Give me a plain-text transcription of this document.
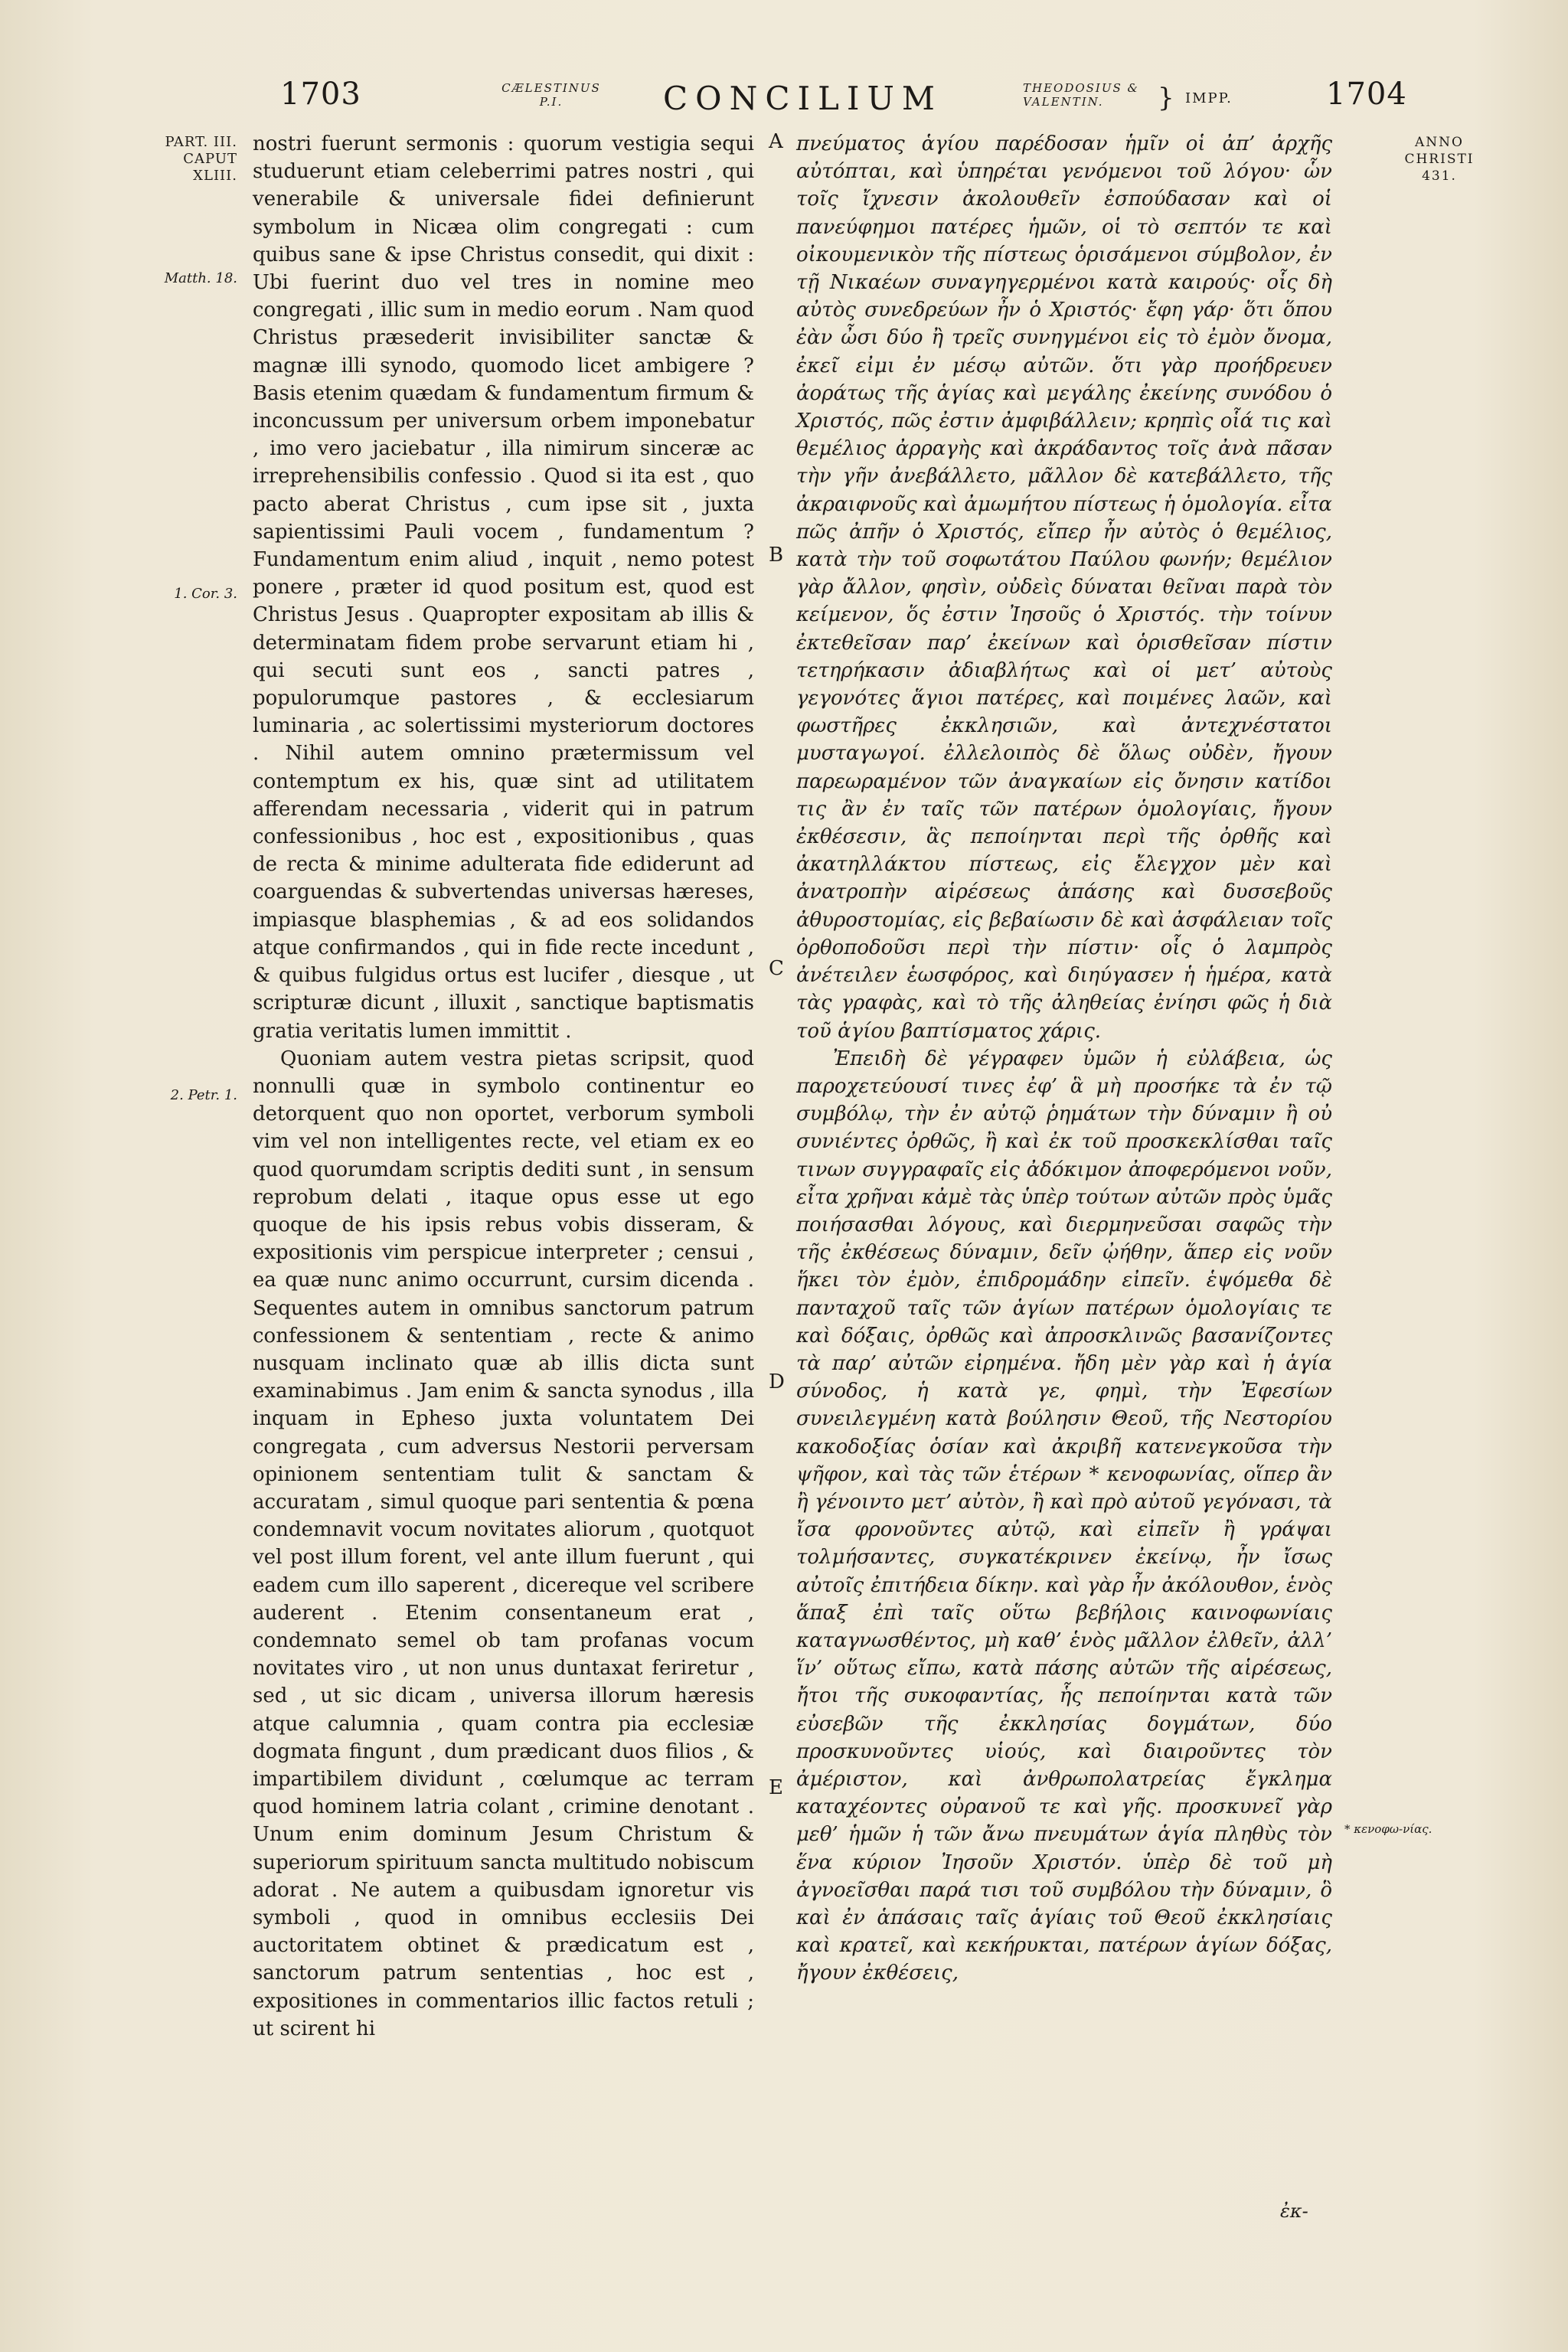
1703	CÆLESTINUS P.I.	CONCILIUM	THEODOSIUS & VALENTIN.	} IMPP.	1704
PART. III.
CAPUT
XLIII.
Matth. 18.
1. Cor. 3.
2. Petr. 1.

nostri fuerunt sermonis : quorum vestigia sequi studuerunt etiam celeberrimi patres nostri , qui venerabile & universale fidei definierunt symbolum in Nicæa olim congregati : cum quibus sane & ipse Christus consedit, qui dixit : Ubi fuerint duo vel tres in nomine meo congregati , illic sum in medio eorum . Nam quod Christus præsederit invisibiliter sanctæ & magnæ illi synodo, quomodo licet ambigere ? Basis etenim quædam & fundamentum firmum & inconcussum per universum orbem imponebatur , imo vero jaciebatur , illa nimirum sinceræ ac irreprehensibilis confessio . Quod si ita est , quo pacto aberat Christus , cum ipse sit , juxta sapientissimi Pauli vocem , fundamentum ? Fundamentum enim aliud , inquit , nemo potest ponere , præter id quod positum est, quod est Christus Jesus . Quapropter expositam ab illis & determinatam fidem probe servarunt etiam hi , qui secuti sunt eos , sancti patres , populorumque pastores , & ecclesiarum luminaria , ac solertissimi mysteriorum doctores . Nihil autem omnino prætermissum vel contemptum ex his, quæ sint ad utilitatem afferendam necessaria , viderit qui in patrum confessionibus , hoc est , expositionibus , quas de recta & minime adulterata fide ediderunt ad coarguendas & subvertendas universas hæreses, impiasque blasphemias , & ad eos solidandos atque confirmandos , qui in fide recte incedunt , & quibus fulgidus ortus est lucifer , diesque , ut scripturæ dicunt , illuxit , sanctique baptismatis gratia veritatis lumen immittit .

Quoniam autem vestra pietas scripsit, quod nonnulli quæ in symbolo continentur eo detorquent quo non oportet, verborum symboli vim vel non intelligentes recte, vel etiam ex eo quod quorumdam scriptis dediti sunt , in sensum reprobum delati , itaque opus esse ut ego quoque de his ipsis rebus vobis disseram, & expositionis vim perspicue interpreter ; censui , ea quæ nunc animo occurrunt, cursim dicenda . Sequentes autem in omnibus sanctorum patrum confessionem & sententiam , recte & animo nusquam inclinato quæ ab illis dicta sunt examinabimus . Jam enim & sancta synodus , illa inquam in Epheso juxta voluntatem Dei congregata , cum adversus Nestorii perversam opinionem sententiam tulit & sanctam & accuratam , simul quoque pari sententia & pœna condemnavit vocum novitates aliorum , quotquot vel post illum forent, vel ante illum fuerunt , qui eadem cum illo saperent , dicereque vel scribere auderent . Etenim consentaneum erat , condemnato semel ob tam profanas vocum novitates viro , ut non unus duntaxat feriretur , sed , ut sic dicam , universa illorum hæresis atque calumnia , quam contra pia ecclesiæ dogmata fingunt , dum prædicant duos filios , & impartibilem dividunt , cœlumque ac terram quod hominem latria colant , crimine denotant . Unum enim dominum Jesum Christum & superiorum spirituum sancta multitudo nobiscum adorat . Ne autem a quibusdam ignoretur vis symboli , quod in omnibus ecclesiis Dei auctoritatem obtinet & prædicatum est , sanctorum patrum sententias , hoc est , expositiones in commentarios illic factos retuli ; ut scirent hi

A
B
C
D
E

πνεύματος ἁγίου παρέδοσαν ἡμῖν οἱ ἀπ’ ἀρχῆς αὐτόπται, καὶ ὑπηρέται γενόμενοι τοῦ λόγου· ὧν τοῖς ἴχνεσιν ἀκολουθεῖν ἐσπούδασαν καὶ οἱ πανεύφημοι πατέρες ἡμῶν, οἱ τὸ σεπτόν τε καὶ οἰκουμενικὸν τῆς πίστεως ὁρισάμενοι σύμβολον, ἐν τῇ Νικαέων συναγηγερμένοι κατὰ καιρούς· οἷς δὴ αὐτὸς συνεδρεύων ἦν ὁ Χριστός· ἔφη γάρ· ὅτι ὅπου ἐὰν ὦσι δύο ἢ τρεῖς συνηγμένοι εἰς τὸ ἐμὸν ὄνομα, ἐκεῖ εἰμι ἐν μέσῳ αὐτῶν. ὅτι γὰρ προήδρευεν ἀοράτως τῆς ἁγίας καὶ μεγάλης ἐκείνης συνόδου ὁ Χριστός, πῶς ἐστιν ἀμφιβάλλειν; κρηπὶς οἷά τις καὶ θεμέλιος ἀρραγὴς καὶ ἀκράδαντος τοῖς ἀνὰ πᾶσαν τὴν γῆν ἀνεβάλλετο, μᾶλλον δὲ κατεβάλλετο, τῆς ἀκραιφνοῦς καὶ ἀμωμήτου πίστεως ἡ ὁμολογία. εἶτα πῶς ἀπῆν ὁ Χριστός, εἴπερ ἦν αὐτὸς ὁ θεμέλιος, κατὰ τὴν τοῦ σοφωτάτου Παύλου φωνήν; θεμέλιον γὰρ ἄλλον, φησὶν, οὐδεὶς δύναται θεῖναι παρὰ τὸν κείμενον, ὅς ἐστιν Ἰησοῦς ὁ Χριστός. τὴν τοίνυν ἐκτεθεῖσαν παρ’ ἐκείνων καὶ ὁρισθεῖσαν πίστιν τετηρήκασιν ἀδιαβλήτως καὶ οἱ μετ’ αὐτοὺς γεγονότες ἅγιοι πατέρες, καὶ ποιμένες λαῶν, καὶ φωστῆρες ἐκκλησιῶν, καὶ ἀντεχνέστατοι μυσταγωγοί. ἐλλελοιπὸς δὲ ὅλως οὐδὲν, ἤγουν παρεωραμένον τῶν ἀναγκαίων εἰς ὄνησιν κατίδοι τις ἂν ἐν ταῖς τῶν πατέρων ὁμολογίαις, ἤγουν ἐκθέσεσιν, ἃς πεποίηνται περὶ τῆς ὀρθῆς καὶ ἀκατηλλάκτου πίστεως, εἰς ἔλεγχον μὲν καὶ ἀνατροπὴν αἱρέσεως ἁπάσης καὶ δυσσεβοῦς ἀθυροστομίας, εἰς βεβαίωσιν δὲ καὶ ἀσφάλειαν τοῖς ὀρθοποδοῦσι περὶ τὴν πίστιν· οἷς ὁ λαμπρὸς ἀνέτειλεν ἑωσφόρος, καὶ διηύγασεν ἡ ἡμέρα, κατὰ τὰς γραφὰς, καὶ τὸ τῆς ἀληθείας ἐνίησι φῶς ἡ διὰ τοῦ ἁγίου βαπτίσματος χάρις.

Ἐπειδὴ δὲ γέγραφεν ὑμῶν ἡ εὐλάβεια, ὡς παροχετεύουσί τινες ἐφ’ ἃ μὴ προσήκε τὰ ἐν τῷ συμβόλῳ, τὴν ἐν αὐτῷ ῥημάτων τὴν δύναμιν ἢ οὐ συνιέντες ὀρθῶς, ἢ καὶ ἐκ τοῦ προσκεκλίσθαι ταῖς τινων συγγραφαῖς εἰς ἀδόκιμον ἀποφερόμενοι νοῦν, εἶτα χρῆναι κἀμὲ τὰς ὑπὲρ τούτων αὐτῶν πρὸς ὑμᾶς ποιήσασθαι λόγους, καὶ διερμηνεῦσαι σαφῶς τὴν τῆς ἐκθέσεως δύναμιν, δεῖν ᾠήθην, ἅπερ εἰς νοῦν ἥκει τὸν ἐμὸν, ἐπιδρομάδην εἰπεῖν. ἑψόμεθα δὲ πανταχοῦ ταῖς τῶν ἁγίων πατέρων ὁμολογίαις τε καὶ δόξαις, ὀρθῶς καὶ ἀπροσκλινῶς βασανίζοντες τὰ παρ’ αὐτῶν εἰρημένα. ἤδη μὲν γὰρ καὶ ἡ ἁγία σύνοδος, ἡ κατὰ γε, φημὶ, τὴν Ἐφεσίων συνειλεγμένη κατὰ βούλησιν Θεοῦ, τῆς Νεστορίου κακοδοξίας ὁσίαν καὶ ἀκριβῆ κατενεγκοῦσα τὴν ψῆφον, καὶ τὰς τῶν ἑτέρων * κενοφωνίας, οἵπερ ἂν ἢ γένοιντο μετ’ αὐτὸν, ἢ καὶ πρὸ αὐτοῦ γεγόνασι, τὰ ἴσα φρονοῦντες αὐτῷ, καὶ εἰπεῖν ἢ γράψαι τολμήσαντες, συγκατέκρινεν ἐκείνῳ, ἦν ἴσως αὐτοῖς ἐπιτήδεια δίκην. καὶ γὰρ ἦν ἀκόλουθον, ἑνὸς ἅπαξ ἐπὶ ταῖς οὕτω βεβήλοις καινοφωνίαις καταγνωσθέντος, μὴ καθ’ ἑνὸς μᾶλλον ἐλθεῖν, ἀλλ’ ἵν’ οὕτως εἴπω, κατὰ πάσης αὐτῶν τῆς αἱρέσεως, ἤτοι τῆς συκοφαντίας, ἧς πεποίηνται κατὰ τῶν εὐσεβῶν τῆς ἐκκλησίας δογμάτων, δύο προσκυνοῦντες υἱούς, καὶ διαιροῦντες τὸν ἀμέριστον, καὶ ἀνθρωπολατρείας ἔγκλημα καταχέοντες οὐρανοῦ τε καὶ γῆς. προσκυνεῖ γὰρ μεθ’ ἡμῶν ἡ τῶν ἄνω πνευμάτων ἁγία πληθὺς τὸν ἕνα κύριον Ἰησοῦν Χριστόν. ὑπὲρ δὲ τοῦ μὴ ἀγνοεῖσθαι παρά τισι τοῦ συμβόλου τὴν δύναμιν, ὃ καὶ ἐν ἁπάσαις ταῖς ἁγίαις τοῦ Θεοῦ ἐκκλησίαις καὶ κρατεῖ, καὶ κεκήρυκται, πατέρων ἁγίων δόξας, ἤγουν ἐκθέσεις,

ANNO
CHRISTI
431.
* κενοφω-νίας.
ἐκ-
